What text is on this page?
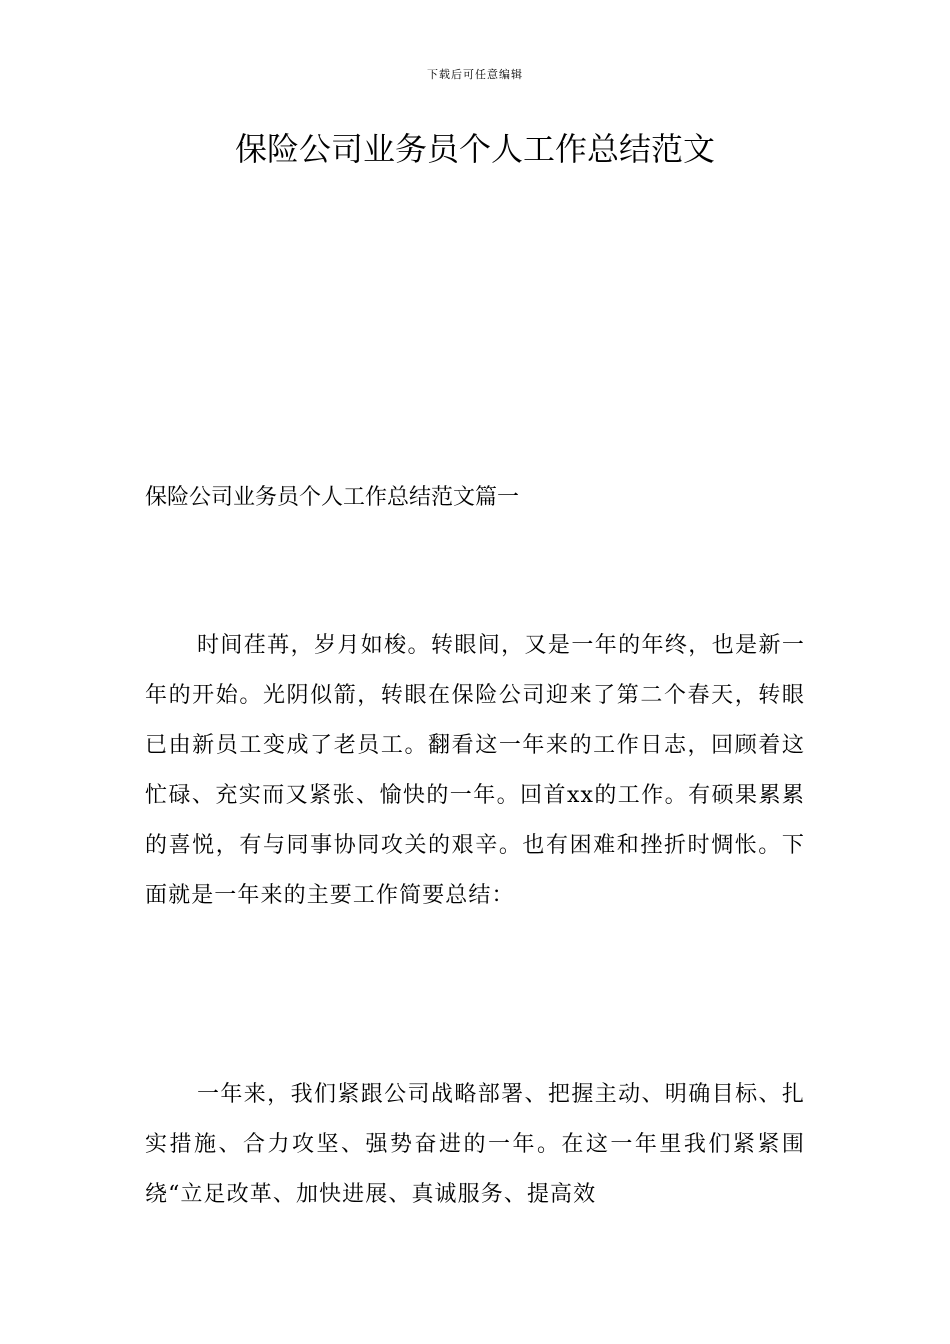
下载后可任意编辑
保险公司业务员个人工作总结范文

保险公司业务员个人工作总结范文篇一

时间荏苒，岁月如梭。转眼间，又是一年的年终，也是新一年的开始。光阴似箭，转眼在保险公司迎来了第二个春天，转眼已由新员工变成了老员工。翻看这一年来的工作日志，回顾着这忙碌、充实而又紧张、愉快的一年。回首xx的工作。有硕果累累的喜悦，有与同事协同攻关的艰辛。也有困难和挫折时惆怅。下面就是一年来的主要工作简要总结：

一年来，我们紧跟公司战略部署、把握主动、明确目标、扎实措施、合力攻坚、强势奋进的一年。在这一年里我们紧紧围绕“立足改革、加快进展、真诚服务、提高效
